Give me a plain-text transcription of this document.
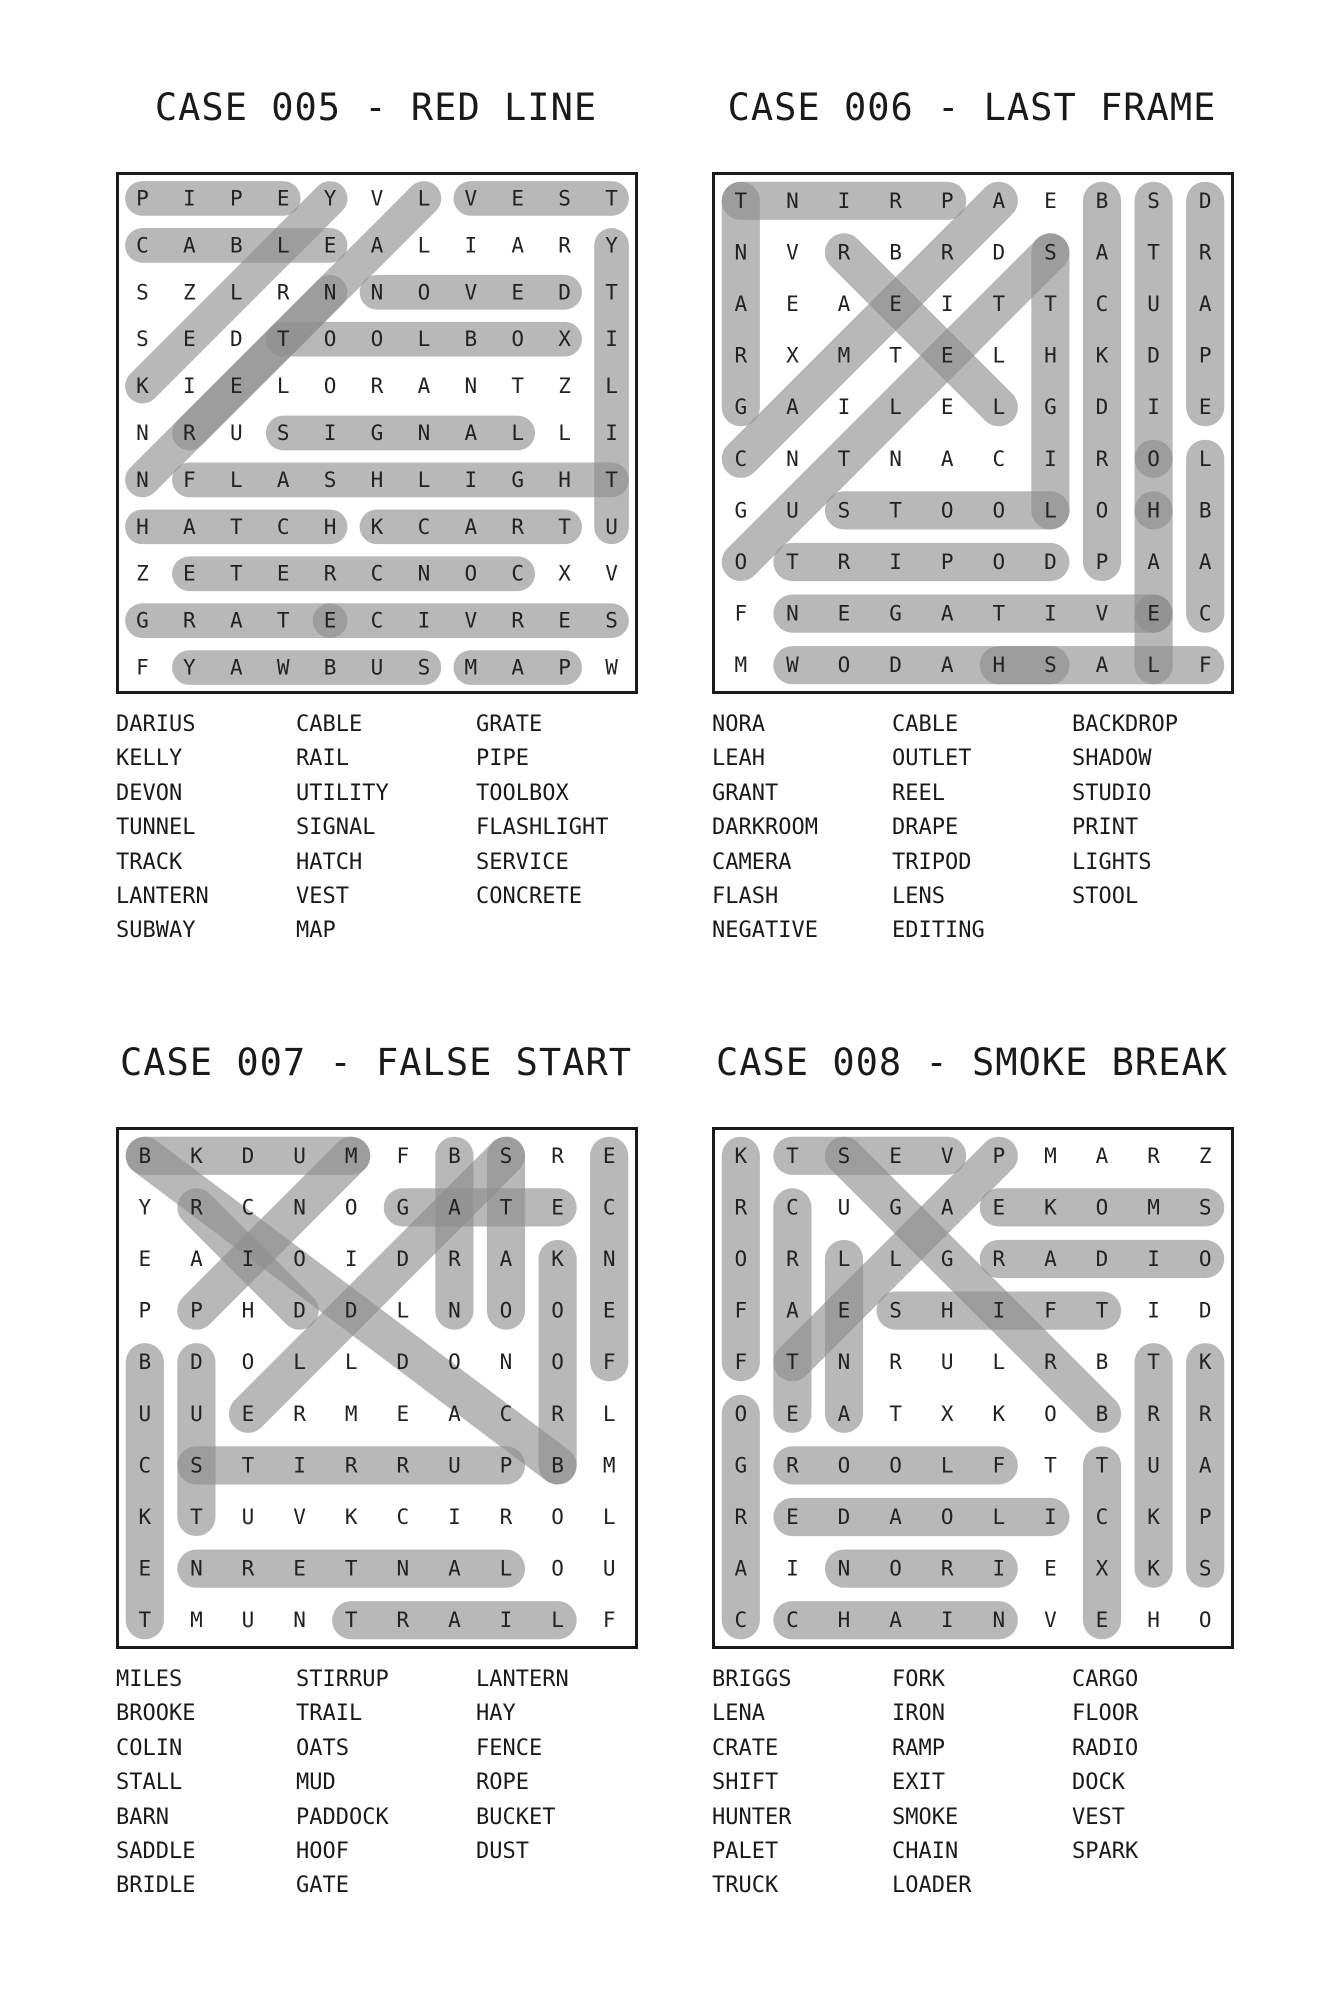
CASE 005 - RED LINE
P I P E Y V L V E S T
C A B L E A L I A R Y
S Z L R N N O V E D T
S E D T O O L B O X I
K I E L O R A N T Z L
N R U S I G N A L L I
N F L A S H L I G H T
H A T C H K C A R T U
Z E T E R C N O C X V
G R A T E C I V R E S
F Y A W B U S M A P W
DARIUS
KELLY
DEVON
TUNNEL
TRACK
LANTERN
SUBWAY
CABLE
RAIL
UTILITY
SIGNAL
HATCH
VEST
MAP
GRATE
PIPE
TOOLBOX
FLASHLIGHT
SERVICE
CONCRETE
CASE 006 - LAST FRAME
T N I R P A E B S D
N V R B R D S A T R
A E A E I T T C U A
R X M T E L H K D P
G A I L E L G D I E
C N T N A C I R O L
G U S T O O L O H B
O T R I P O D P A A
F N E G A T I V E C
M W O D A H S A L F
NORA
LEAH
GRANT
DARKROOM
CAMERA
FLASH
NEGATIVE
CABLE
OUTLET
REEL
DRAPE
TRIPOD
LENS
EDITING
BACKDROP
SHADOW
STUDIO
PRINT
LIGHTS
STOOL
CASE 007 - FALSE START
B K D U M F B S R E
Y R C N O G A T E C
E A I O I D R A K N
P P H D D L N O O E
B D O L L D O N O F
U U E R M E A C R L
C S T I R R U P B M
K T U V K C I R O L
E N R E T N A L O U
T M U N T R A I L F
MILES
BROOKE
COLIN
STALL
BARN
SADDLE
BRIDLE
STIRRUP
TRAIL
OATS
MUD
PADDOCK
HOOF
GATE
LANTERN
HAY
FENCE
ROPE
BUCKET
DUST
CASE 008 - SMOKE BREAK
K T S E V P M A R Z
R C U G A E K O M S
O R L L G R A D I O
F A E S H I F T I D
F T N R U L R B T K
O E A T X K O B R R
G R O O L F T T U A
R E D A O L I C K P
A I N O R I E X K S
C C H A I N V E H O
BRIGGS
LENA
CRATE
SHIFT
HUNTER
PALET
TRUCK
FORK
IRON
RAMP
EXIT
SMOKE
CHAIN
LOADER
CARGO
FLOOR
RADIO
DOCK
VEST
SPARK
